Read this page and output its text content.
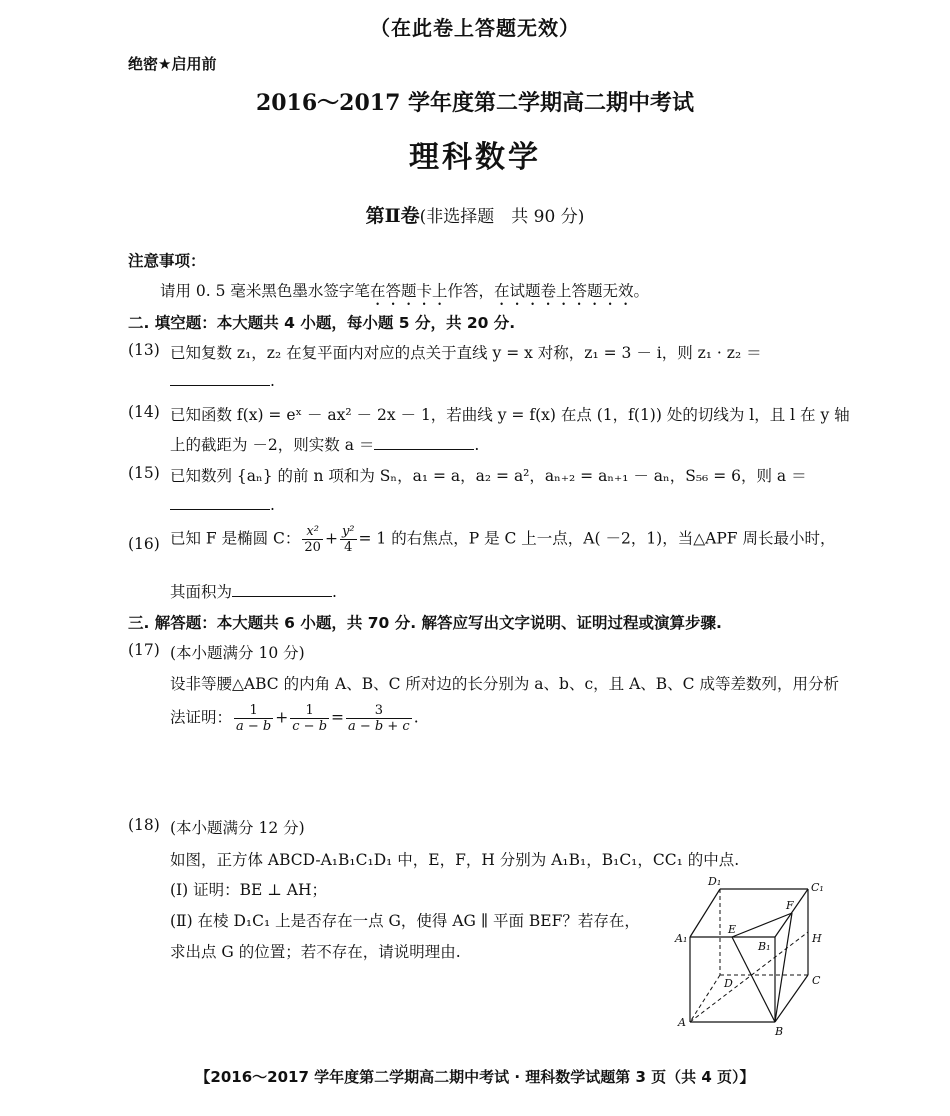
（在此卷上答题无效）
绝密★启用前
2016～2017 学年度第二学期高二期中考试
理科数学
第Ⅱ卷(非选择题　共 90 分)
注意事项：
请用 0. 5 毫米黑色墨水签字笔在答题卡上作答，在试题卷上答题无效。
二. 填空题：本大题共 4 小题，每小题 5 分，共 20 分.
(13) 已知复数 z₁，z₂ 在复平面内对应的点关于直线 y = x 对称，z₁ = 3 － i，则 z₁ · z₂ ＝
.
(14) 已知函数 f(x) = eˣ － ax² － 2x － 1，若曲线 y = f(x) 在点 (1，f(1)) 处的切线为 l，且 l 在 y 轴
上的截距为 －2，则实数 a ＝	.
(15) 已知数列 {aₙ} 的前 n 项和为 Sₙ，a₁ = a，a₂ = a²，aₙ₊₂ = aₙ₊₁ － aₙ，S₅₆ = 6，则 a ＝
.
(16) 已知 F 是椭圆 C： $\frac{\text{x²}}{20} + \frac{\text{y²}}{4} = 1$ 的右焦点，P 是 C 上一点，A( －2，1)，当△APF 周长最小时，
其面积为	.
三. 解答题：本大题共 6 小题，共 70 分. 解答应写出文字说明、证明过程或演算步骤.
(17) (本小题满分 10 分)
设非等腰△ABC 的内角 A、B、C 所对边的长分别为 a、b、c，且 A、B、C 成等差数列，用分析
法证明： $\frac{1}{a - b} + \frac{1}{c - b} = \frac{3}{a - b + c}$ .
(18) (本小题满分 12 分)
如图，正方体 ABCD-A₁B₁C₁D₁ 中，E，F，H 分别为 A₁B₁，B₁C₁，CC₁ 的中点.
(Ⅰ) 证明：BE ⊥ AH；
(Ⅱ) 在棱 D₁C₁ 上是否存在一点 G，使得 AG ∥ 平面 BEF？若存在，
求出点 G 的位置；若不存在，请说明理由.
D₁	C₁
F
E
B₁
A₁	H
D	C
A
B
【2016～2017 学年度第二学期高二期中考试 · 理科数学试题第 3 页（共 4 页）】
